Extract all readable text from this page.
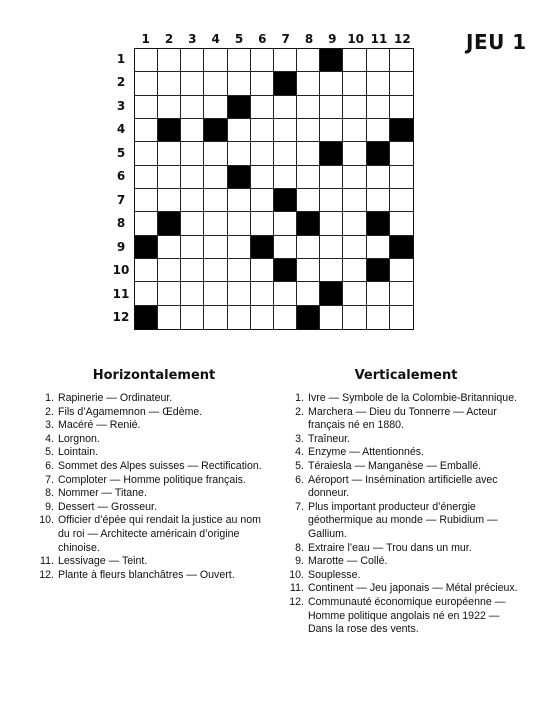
JEU 1
1	2	3	4	5	6	7	8	9 10 11 12
1
2
3
4
5
6
7
8
9
10
11
12
Horizontalement
1. Rapinerie — Ordinateur.
2. Fils d’Agamemnon — Œdème.
3. Macéré — Renié.
4. Lorgnon.
5. Lointain.
6. Sommet des Alpes suisses — Rectification.
7. Comploter — Homme politique français.
8. Nommer — Titane.
9. Dessert — Grosseur.
10. Officier d’épée qui rendait la justice au nom du roi — Architecte américain d’origine chinoise.
11. Lessivage — Teint.
12. Plante à fleurs blanchâtres — Ouvert.
Verticalement
1. Ivre — Symbole de la Colombie-Britannique.
2. Marchera — Dieu du Tonnerre — Acteur français né en 1880.
3. Traîneur.
4. Enzyme — Attentionnés.
5. Téraiesla — Manganèse — Emballé.
6. Aéroport — Insémination artificielle avec donneur.
7. Plus important producteur d’énergie géothermique au monde — Rubidium — Gallium.
8. Extraire l’eau — Trou dans un mur.
9. Marotte — Collé.
10. Souplesse.
11. Continent — Jeu japonais — Métal précieux.
12. Communauté économique européenne — Homme politique angolais né en 1922 — Dans la rose des vents.
